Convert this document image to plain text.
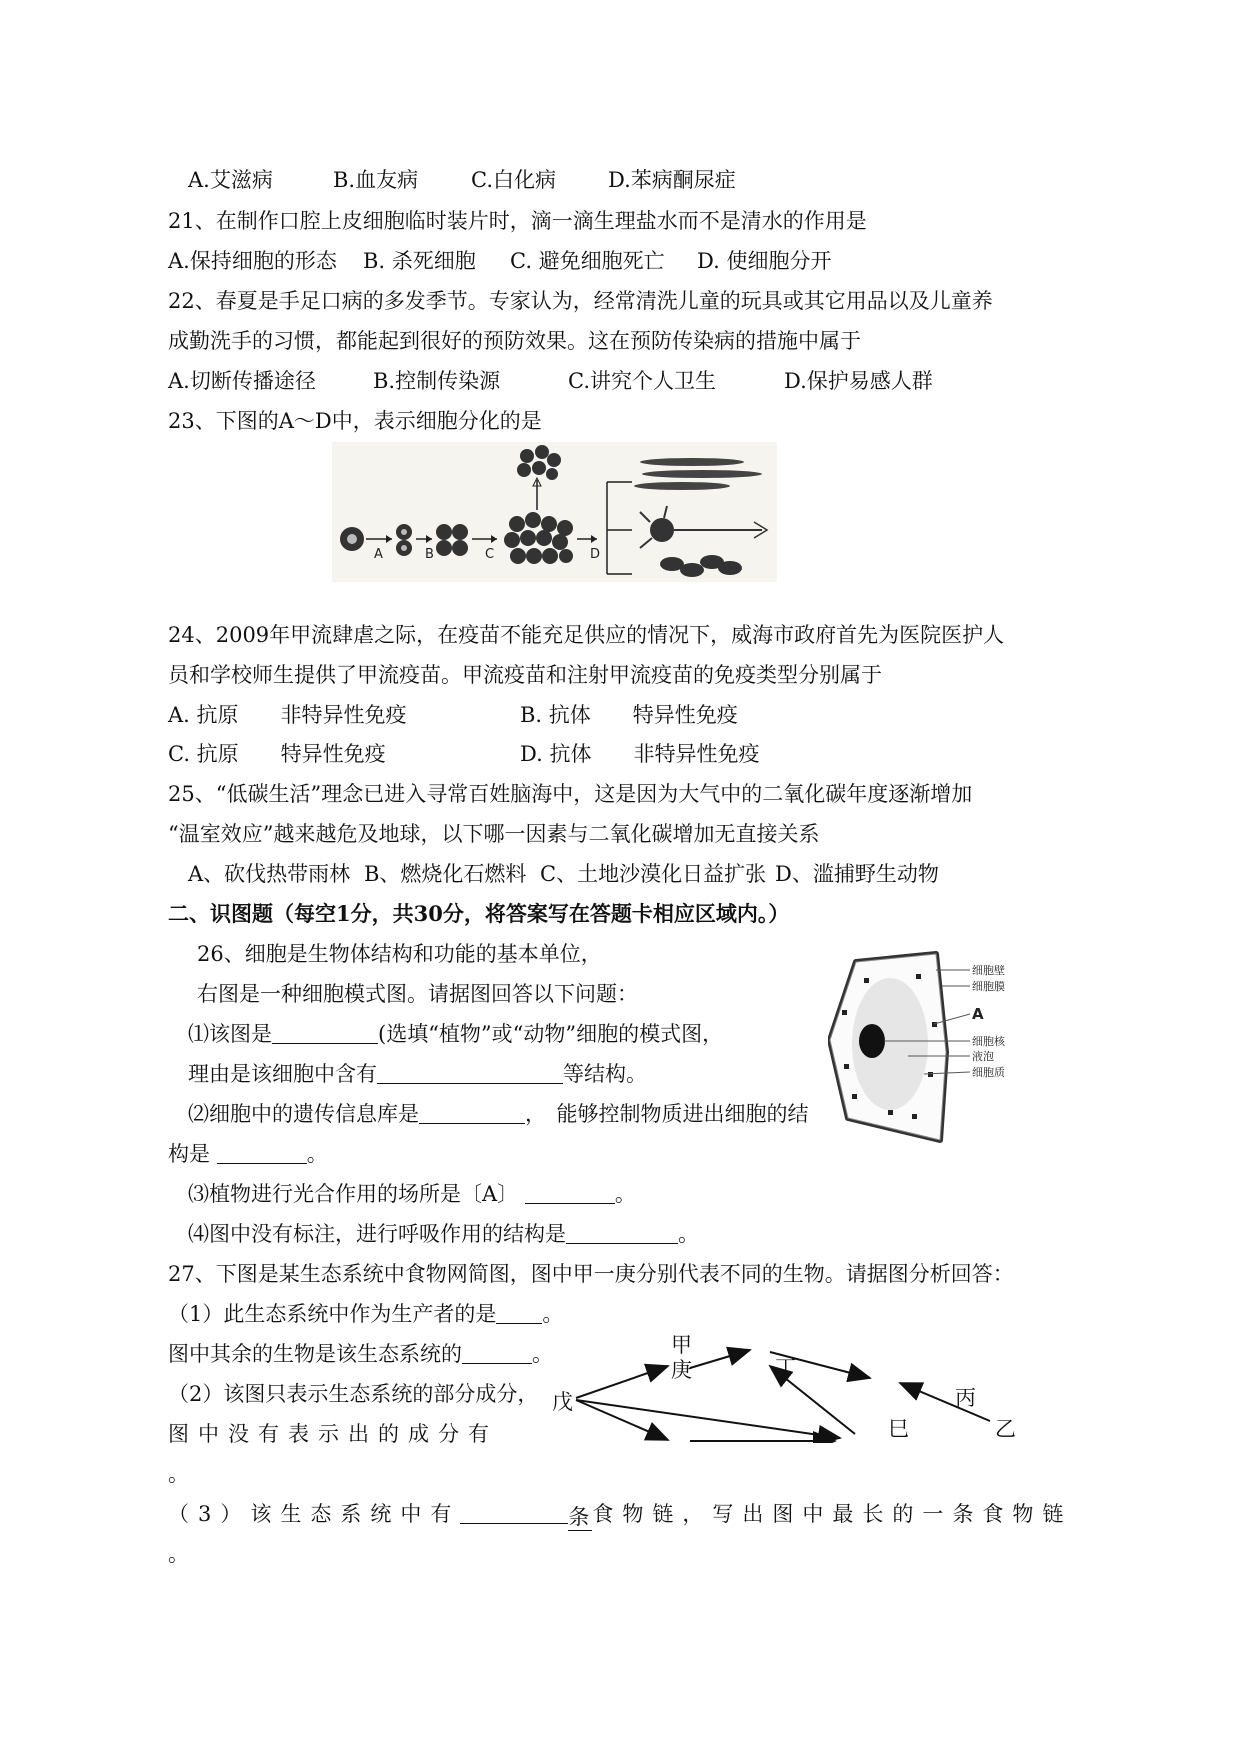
A.艾滋病	B.血友病	C.白化病 D.苯病酮尿症
21、在制作口腔上皮细胞临时装片时，滴一滴生理盐水而不是清水的作用是
A.保持细胞的形态 B. 杀死细胞 C. 避免细胞死亡 D. 使细胞分开
22、春夏是手足口病的多发季节。专家认为，经常清洗儿童的玩具或其它用品以及儿童养
成勤洗手的习惯，都能起到很好的预防效果。这在预防传染病的措施中属于
A.切断传播途径	B.控制传染源	C.讲究个人卫生	D.保护易感人群
23、下图的A～D中，表示细胞分化的是
A	B	C	D
24、2009年甲流肆虐之际，在疫苗不能充足供应的情况下，威海市政府首先为医院医护人
员和学校师生提供了甲流疫苗。甲流疫苗和注射甲流疫苗的免疫类型分别属于
A. 抗原　　非特异性免疫	B. 抗体　　特异性免疫
C. 抗原　　特异性免疫	D. 抗体　　非特异性免疫
25、“低碳生活”理念已进入寻常百姓脑海中，这是因为大气中的二氧化碳年度逐渐增加
“温室效应”越来越危及地球，以下哪一因素与二氧化碳增加无直接关系
A、砍伐热带雨林 B、燃烧化石燃料 C、土地沙漠化日益扩张 D、滥捕野生动物
二、识图题（每空1分，共30分，将答案写在答题卡相应区域内。）
26、细胞是生物体结构和功能的基本单位，
右图是一种细胞模式图。请据图回答以下问题：
⑴该图是	(选填“植物”或“动物”细胞的模式图，
理由是该细胞中含有	等结构。
⑵细胞中的遗传信息库是	，　能够控制物质进出细胞的结
构是	。
⑶植物进行光合作用的场所是〔A〕	。
⑷图中没有标注，进行呼吸作用的结构是	。
细胞壁
细胞膜
A
细胞核
液泡
细胞质
27、下图是某生态系统中食物网简图，图中甲一庚分别代表不同的生物。请据图分析回答：
（1）此生态系统中作为生产者的是 。
图中其余的生物是该生态系统的	。
（2）该图只表示生态系统的部分成分，
图中没有表示出的成分有
。
（3）该生态系统中有	条 食物链，写出图中最长的一条食物链
。
戊
甲
庚	丁
丙
巳	乙
